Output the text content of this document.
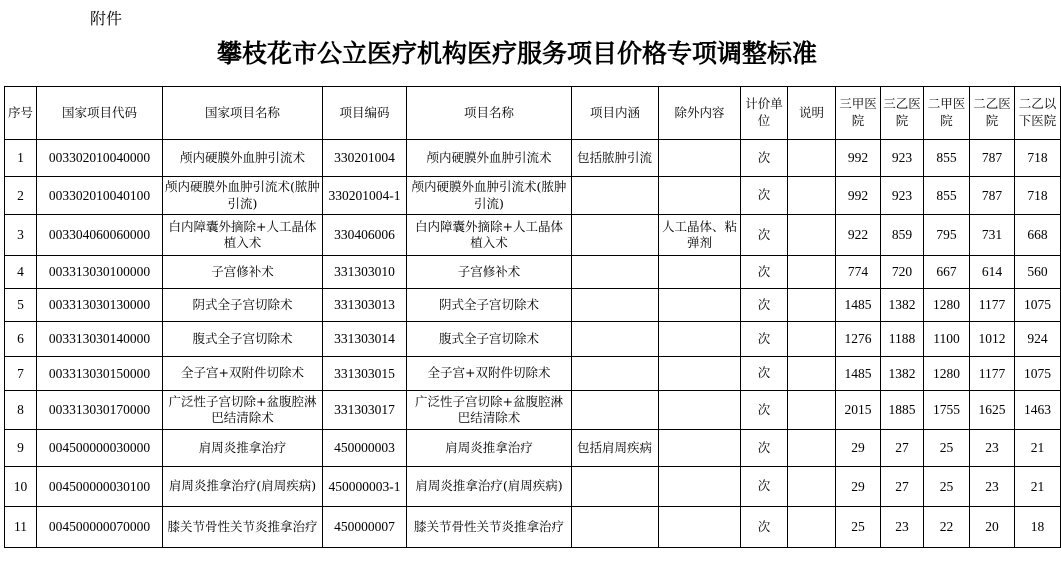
附件
攀枝花市公立医疗机构医疗服务项目价格专项调整标准
序号	国家项目代码	国家项目名称	项目编码	项目名称	项目内涵	除外内容	计价单位	说明	三甲医院	三乙医院	二甲医院	二乙医院	二乙以下医院
1	003302010040000	颅内硬膜外血肿引流术	330201004	颅内硬膜外血肿引流术	包括脓肿引流		次		992	923	855	787	718
2	003302010040100	颅内硬膜外血肿引流术(脓肿引流)	330201004-1	颅内硬膜外血肿引流术(脓肿引流)			次		992	923	855	787	718
3	003304060060000	白内障囊外摘除+人工晶体植入术	330406006	白内障囊外摘除+人工晶体植入术		人工晶体、粘弹剂	次		922	859	795	731	668
4	003313030100000	子宫修补术	331303010	子宫修补术			次		774	720	667	614	560
5	003313030130000	阴式全子宫切除术	331303013	阴式全子宫切除术			次		1485	1382	1280	1177	1075
6	003313030140000	腹式全子宫切除术	331303014	腹式全子宫切除术			次		1276	1188	1100	1012	924
7	003313030150000	全子宫+双附件切除术	331303015	全子宫+双附件切除术			次		1485	1382	1280	1177	1075
8	003313030170000	广泛性子宫切除+盆腹腔淋巴结清除术	331303017	广泛性子宫切除+盆腹腔淋巴结清除术			次		2015	1885	1755	1625	1463
9	004500000030000	肩周炎推拿治疗	450000003	肩周炎推拿治疗	包括肩周疾病		次		29	27	25	23	21
10	004500000030100	肩周炎推拿治疗(肩周疾病)	450000003-1	肩周炎推拿治疗(肩周疾病)			次		29	27	25	23	21
11	004500000070000	膝关节骨性关节炎推拿治疗	450000007	膝关节骨性关节炎推拿治疗			次		25	23	22	20	18
